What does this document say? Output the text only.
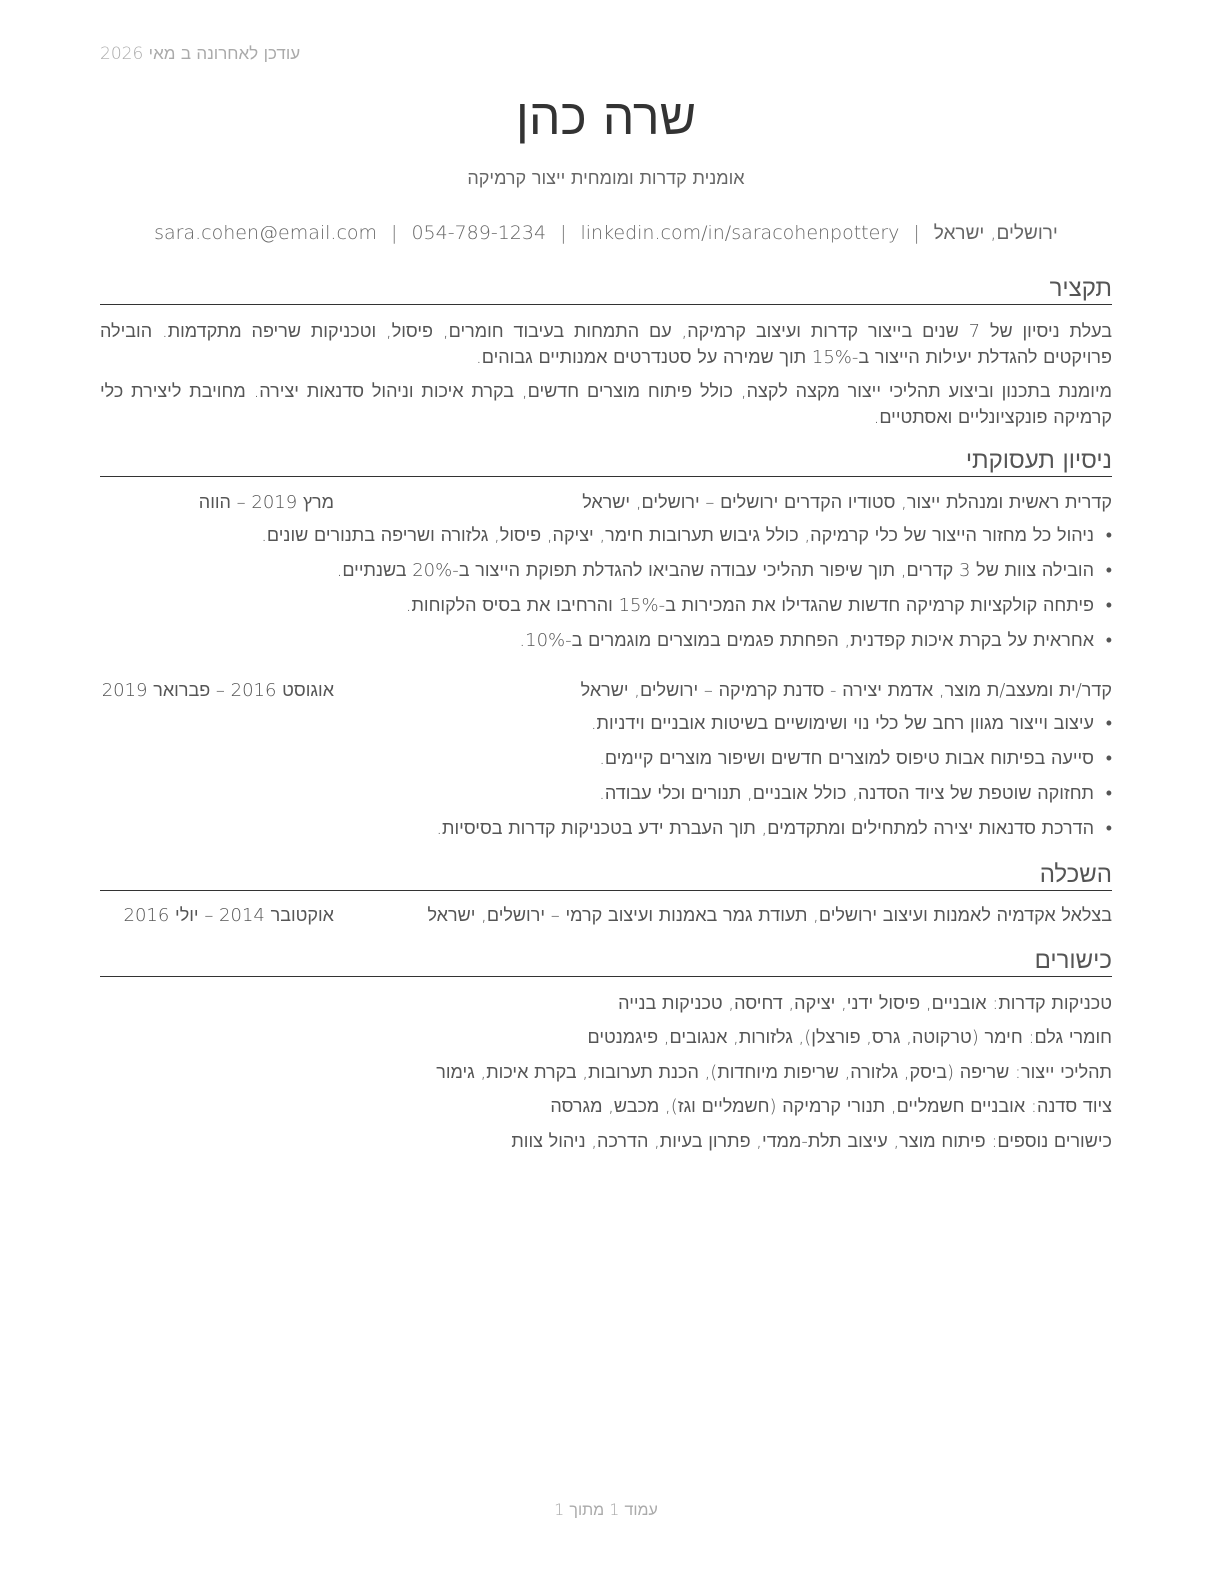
עודכן לאחרונה ב מאי 2026
שרה כהן
אומנית קדרות ומומחית ייצור קרמיקה
ירושלים, ישראל|sara.cohen@email.com | 054-789-1234 | linkedin.com/in/saracohenpottery
תקציר
בעלת ניסיון של 7 שנים בייצור קדרות ועיצוב קרמיקה, עם התמחות בעיבוד חומרים, פיסול, וטכניקות שריפה מתקדמות. הובילה פרויקטים להגדלת יעילות הייצור ב-15% תוך שמירה על סטנדרטים אמנותיים גבוהים.
מיומנת בתכנון וביצוע תהליכי ייצור מקצה לקצה, כולל פיתוח מוצרים חדשים, בקרת איכות וניהול סדנאות יצירה. מחויבת ליצירת כלי קרמיקה פונקציונליים ואסתטיים.
ניסיון תעסוקתי
קדרית ראשית ומנהלת ייצור, סטודיו הקדרים ירושלים – ירושלים, ישראל
מרץ 2019 – הווה
•
ניהול כל מחזור הייצור של כלי קרמיקה, כולל גיבוש תערובות חימר, יציקה, פיסול, גלזורה ושריפה בתנורים שונים.
•
הובילה צוות של 3 קדרים, תוך שיפור תהליכי עבודה שהביאו להגדלת תפוקת הייצור ב-20% בשנתיים.
•
פיתחה קולקציות קרמיקה חדשות שהגדילו את המכירות ב-15% והרחיבו את בסיס הלקוחות.
•
אחראית על בקרת איכות קפדנית, הפחתת פגמים במוצרים מוגמרים ב-10%.
קדר/ית ומעצב/ת מוצר, אדמת יצירה - סדנת קרמיקה – ירושלים, ישראל
אוגוסט 2016 – פברואר 2019
•
עיצוב וייצור מגוון רחב של כלי נוי ושימושיים בשיטות אובניים וידניות.
•
סייעה בפיתוח אבות טיפוס למוצרים חדשים ושיפור מוצרים קיימים.
•
תחזוקה שוטפת של ציוד הסדנה, כולל אובניים, תנורים וכלי עבודה.
•
הדרכת סדנאות יצירה למתחילים ומתקדמים, תוך העברת ידע בטכניקות קדרות בסיסיות.
השכלה
בצלאל אקדמיה לאמנות ועיצוב ירושלים, תעודת גמר באמנות ועיצוב קרמי – ירושלים, ישראל
אוקטובר 2014 – יולי 2016
כישורים
טכניקות קדרות: אובניים, פיסול ידני, יציקה, דחיסה, טכניקות בנייה
חומרי גלם: חימר (טרקוטה, גרס, פורצלן), גלזורות, אנגובים, פיגמנטים
תהליכי ייצור: שריפה (ביסק, גלזורה, שריפות מיוחדות), הכנת תערובות, בקרת איכות, גימור
ציוד סדנה: אובניים חשמליים, תנורי קרמיקה (חשמליים וגז), מכבש, מגרסה
כישורים נוספים: פיתוח מוצר, עיצוב תלת-ממדי, פתרון בעיות, הדרכה, ניהול צוות
עמוד 1 מתוך 1
